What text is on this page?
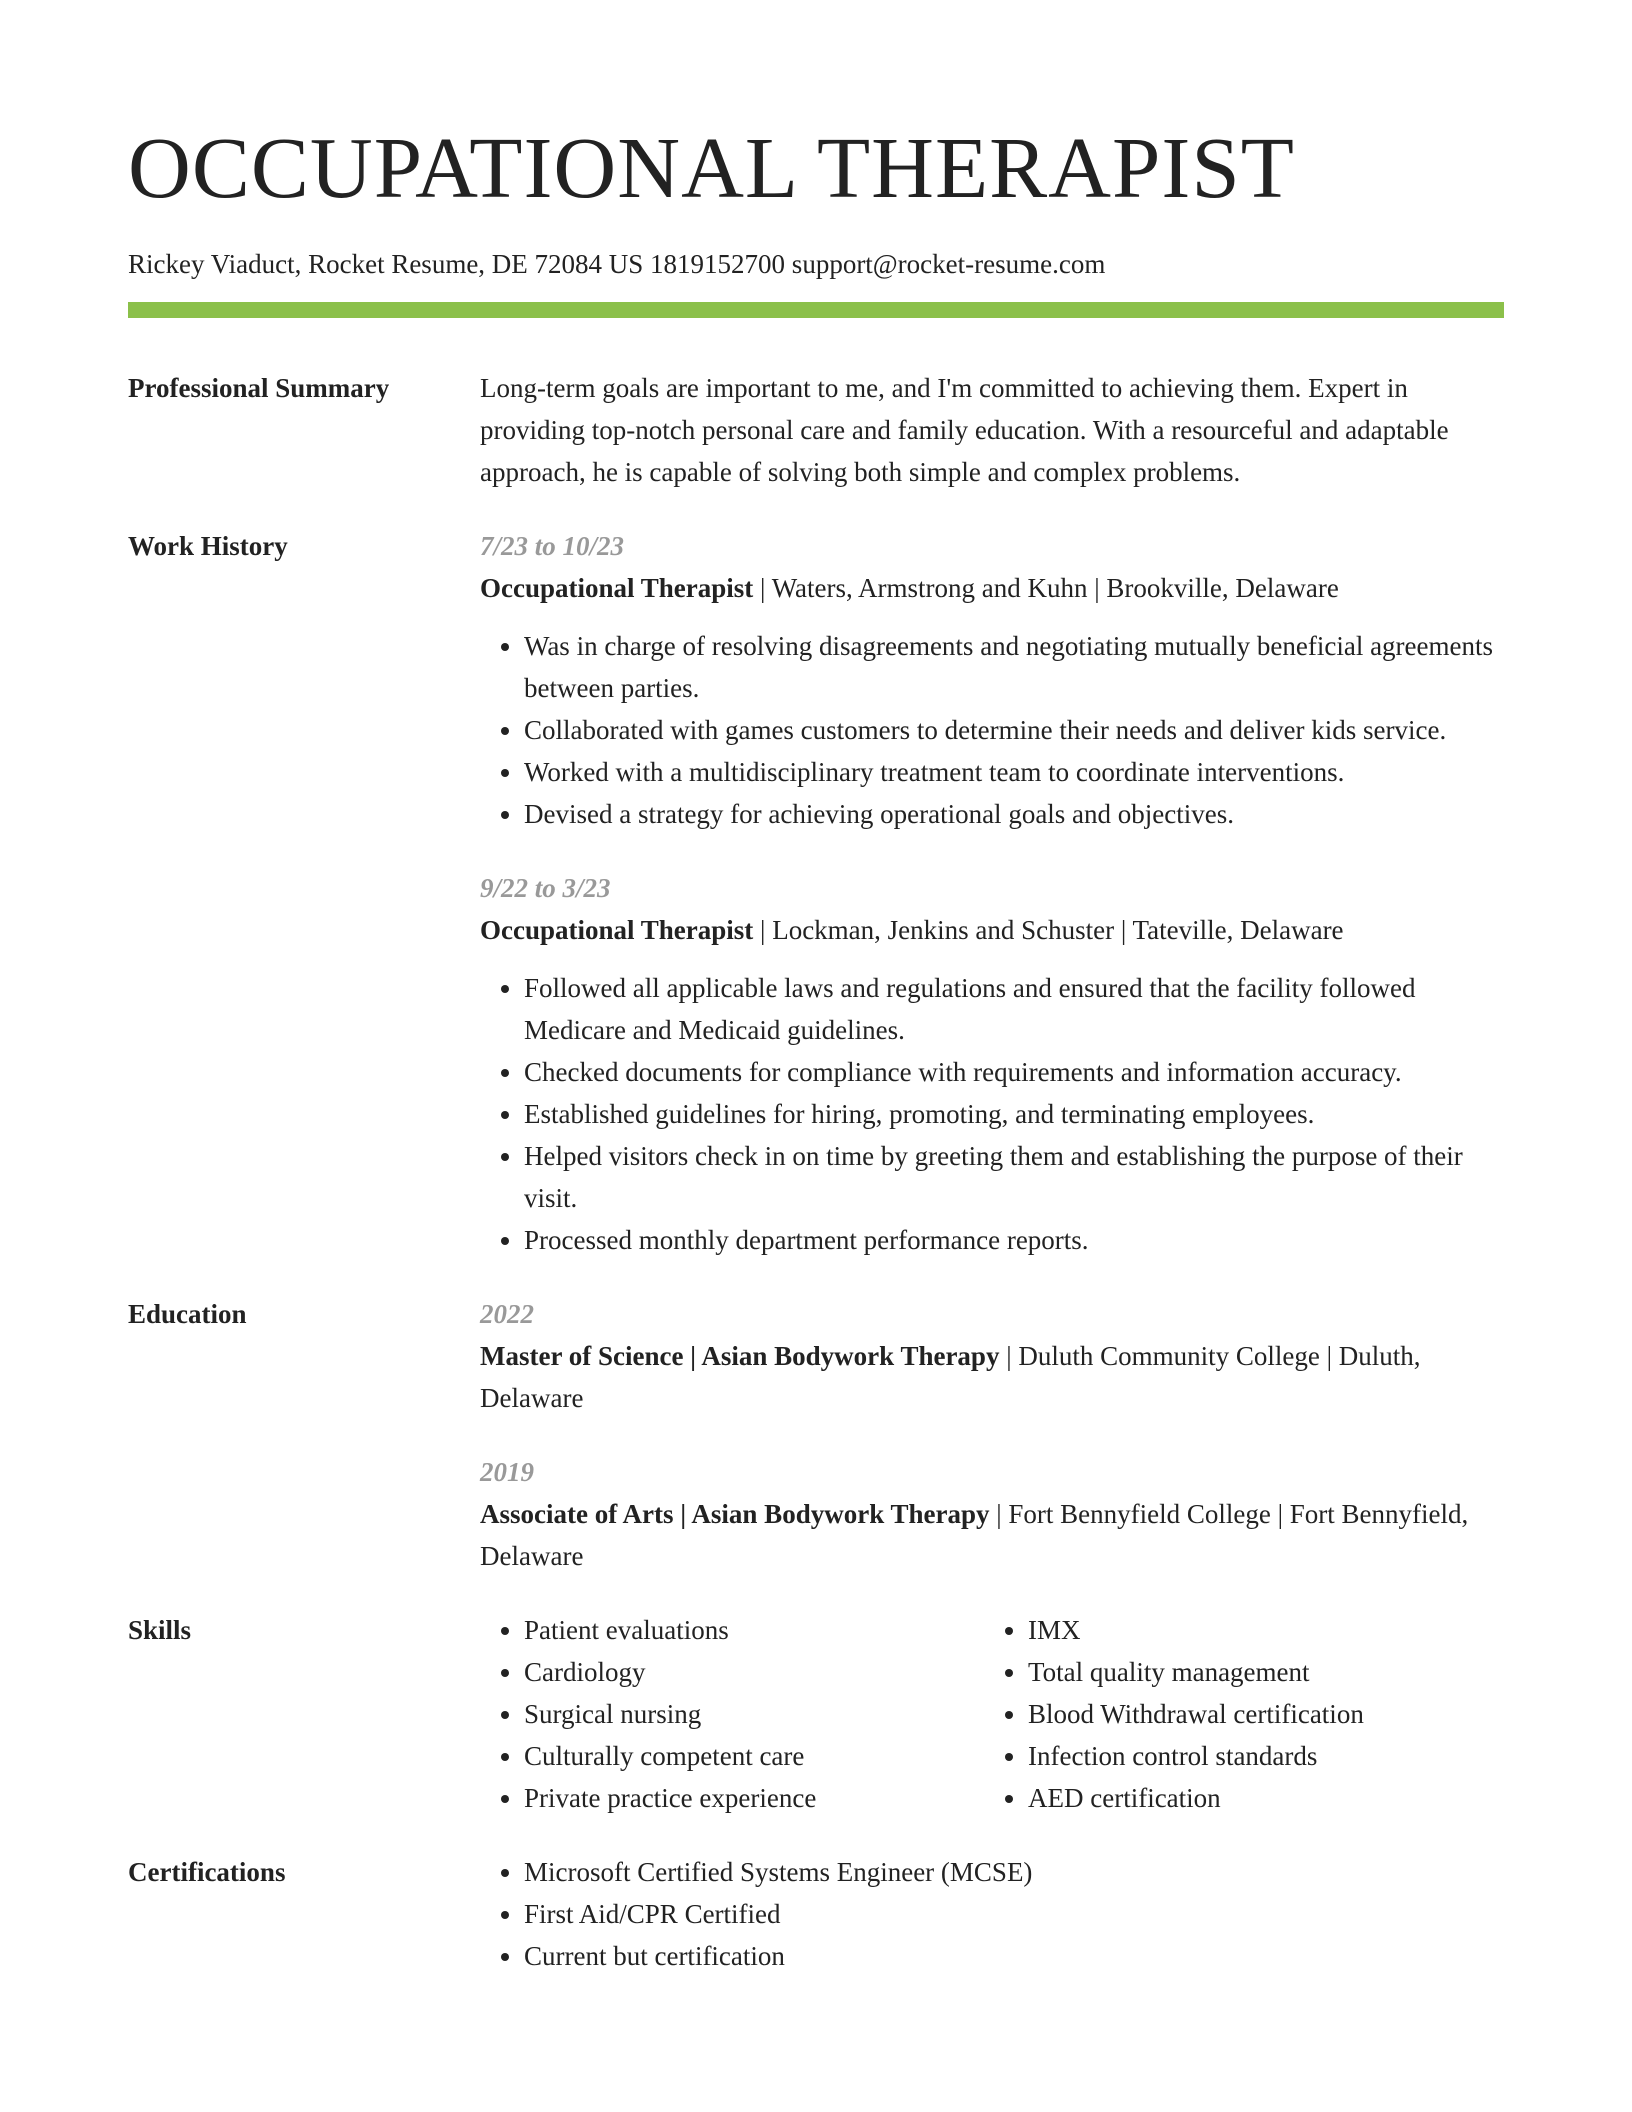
OCCUPATIONAL THERAPIST
Rickey Viaduct, Rocket Resume, DE 72084 US 1819152700 support@rocket-resume.com
Professional Summary	Long-term goals are important to me, and I'm committed to achieving them. Expert in providing top-notch personal care and family education. With a resourceful and adaptable approach, he is capable of solving both simple and complex problems.

Work History	7/23 to 10/23
Occupational Therapist | Waters, Armstrong and Kuhn | Brookville, Delaware
• Was in charge of resolving disagreements and negotiating mutually beneficial agreements between parties.
• Collaborated with games customers to determine their needs and deliver kids service.
• Worked with a multidisciplinary treatment team to coordinate interventions.
• Devised a strategy for achieving operational goals and objectives.
9/22 to 3/23
Occupational Therapist | Lockman, Jenkins and Schuster | Tateville, Delaware
• Followed all applicable laws and regulations and ensured that the facility followed Medicare and Medicaid guidelines.
• Checked documents for compliance with requirements and information accuracy.
• Established guidelines for hiring, promoting, and terminating employees.
• Helped visitors check in on time by greeting them and establishing the purpose of their visit.
• Processed monthly department performance reports.
Education	2022
Master of Science | Asian Bodywork Therapy | Duluth Community College | Duluth, Delaware
2019
Associate of Arts | Asian Bodywork Therapy | Fort Bennyfield College | Fort Bennyfield, Delaware
Skills	• Patient evaluations
• Cardiology
• Surgical nursing
• Culturally competent care
• Private practice experience
• IMX
• Total quality management
• Blood Withdrawal certification
• Infection control standards
• AED certification
Certifications	• Microsoft Certified Systems Engineer (MCSE)
• First Aid/CPR Certified
• Current but certification
